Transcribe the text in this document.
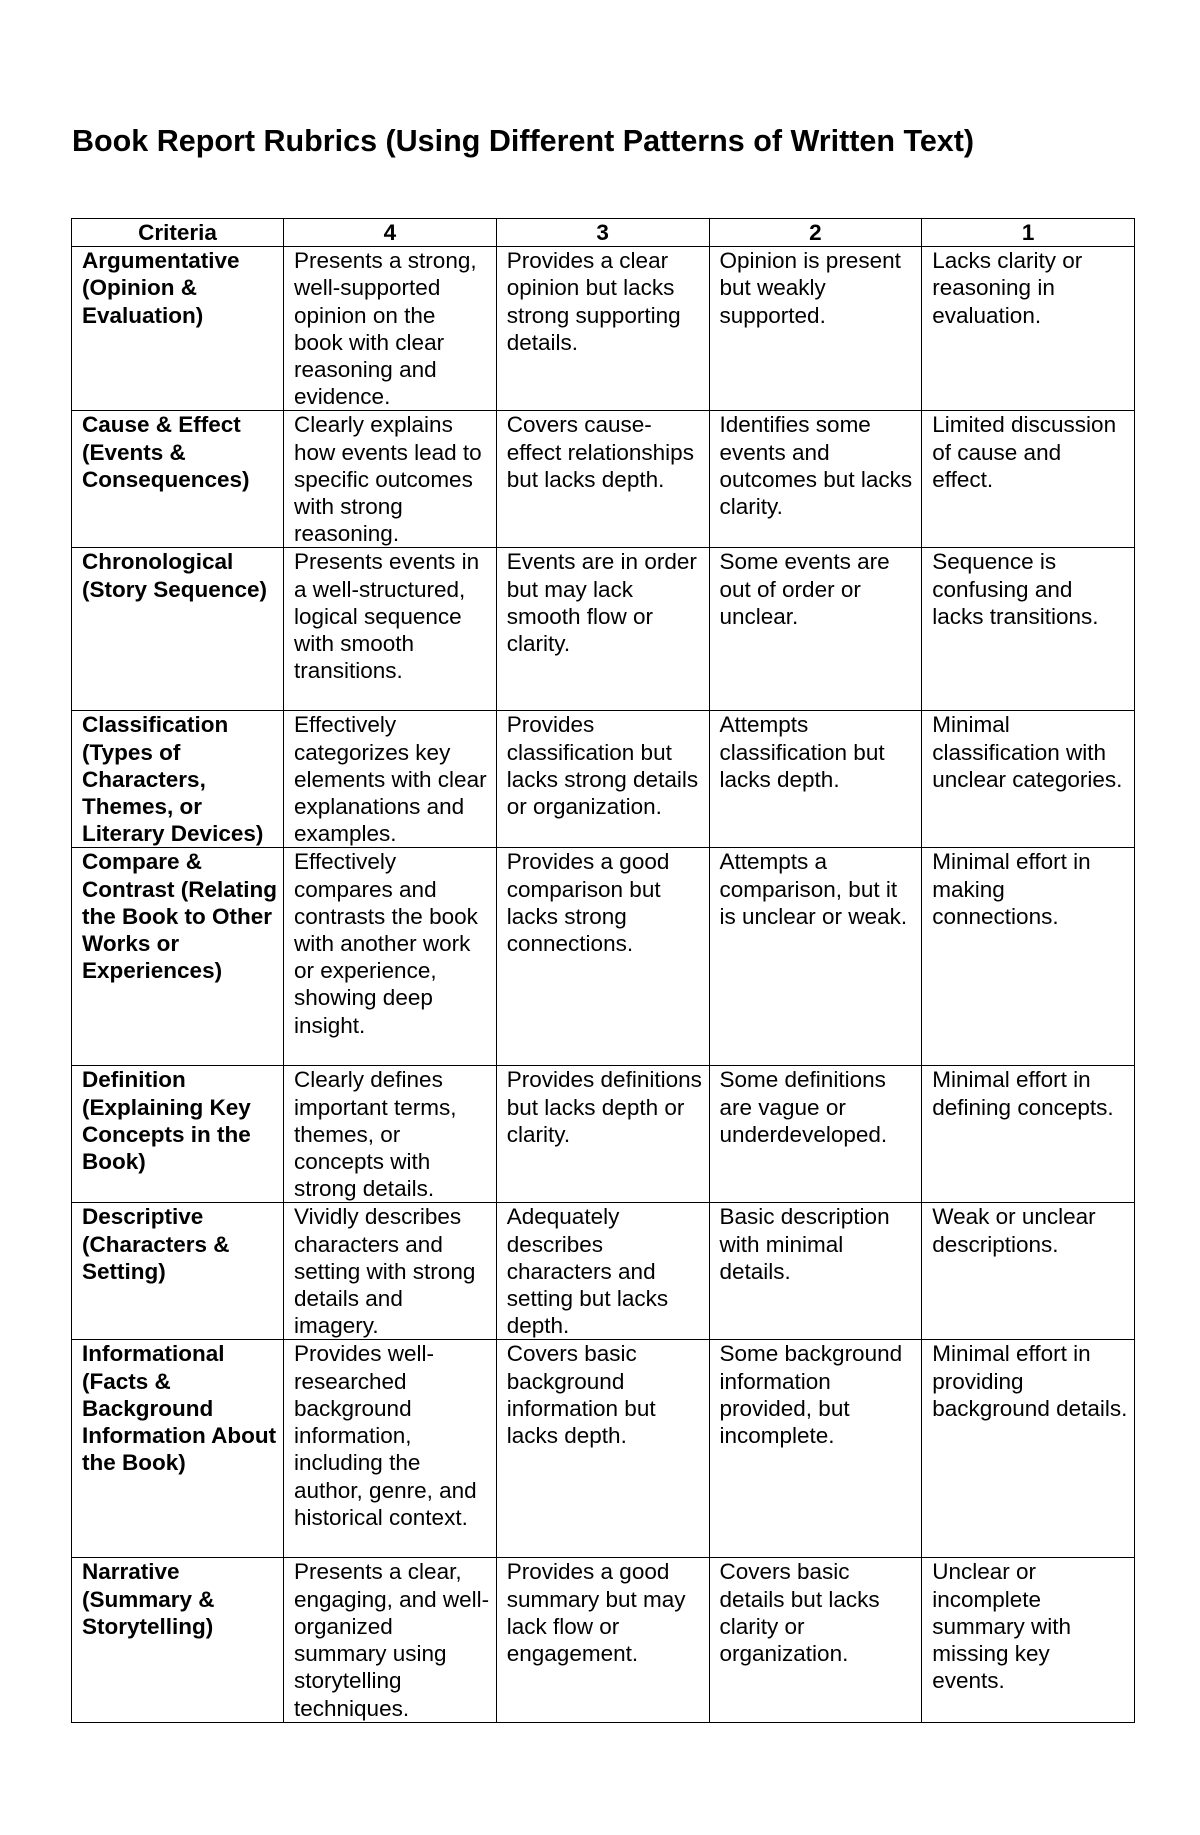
Book Report Rubrics (Using Different Patterns of Written Text)
Criteria	4	3	2	1
Argumentative (Opinion & Evaluation)	Presents a strong, well-supported opinion on the book with clear reasoning and evidence.	Provides a clear opinion but lacks strong supporting details.	Opinion is present but weakly supported.	Lacks clarity or reasoning in evaluation.
Cause & Effect (Events & Consequences)	Clearly explains how events lead to specific outcomes with strong reasoning.	Covers cause-effect relationships but lacks depth.	Identifies some events and outcomes but lacks clarity.	Limited discussion of cause and effect.
Chronological (Story Sequence)	Presents events in a well-structured, logical sequence with smooth transitions.	Events are in order but may lack smooth flow or clarity.	Some events are out of order or unclear.	Sequence is confusing and lacks transitions.
Classification (Types of Characters, Themes, or Literary Devices)	Effectively categorizes key elements with clear explanations and examples.	Provides classification but lacks strong details or organization.	Attempts classification but lacks depth.	Minimal classification with unclear categories.
Compare & Contrast (Relating the Book to Other Works or Experiences)	Effectively compares and contrasts the book with another work or experience, showing deep insight.	Provides a good comparison but lacks strong connections.	Attempts a comparison, but it is unclear or weak.	Minimal effort in making connections.
Definition (Explaining Key Concepts in the Book)	Clearly defines important terms, themes, or concepts with strong details.	Provides definitions but lacks depth or clarity.	Some definitions are vague or underdeveloped.	Minimal effort in defining concepts.
Descriptive (Characters & Setting)	Vividly describes characters and setting with strong details and imagery.	Adequately describes characters and setting but lacks depth.	Basic description with minimal details.	Weak or unclear descriptions.
Informational (Facts & Background Information About the Book)	Provides well-researched background information, including the author, genre, and historical context.	Covers basic background information but lacks depth.	Some background information provided, but incomplete.	Minimal effort in providing background details.
Narrative (Summary & Storytelling)	Presents a clear, engaging, and well-organized summary using storytelling techniques.	Provides a good summary but may lack flow or engagement.	Covers basic details but lacks clarity or organization.	Unclear or incomplete summary with missing key events.
